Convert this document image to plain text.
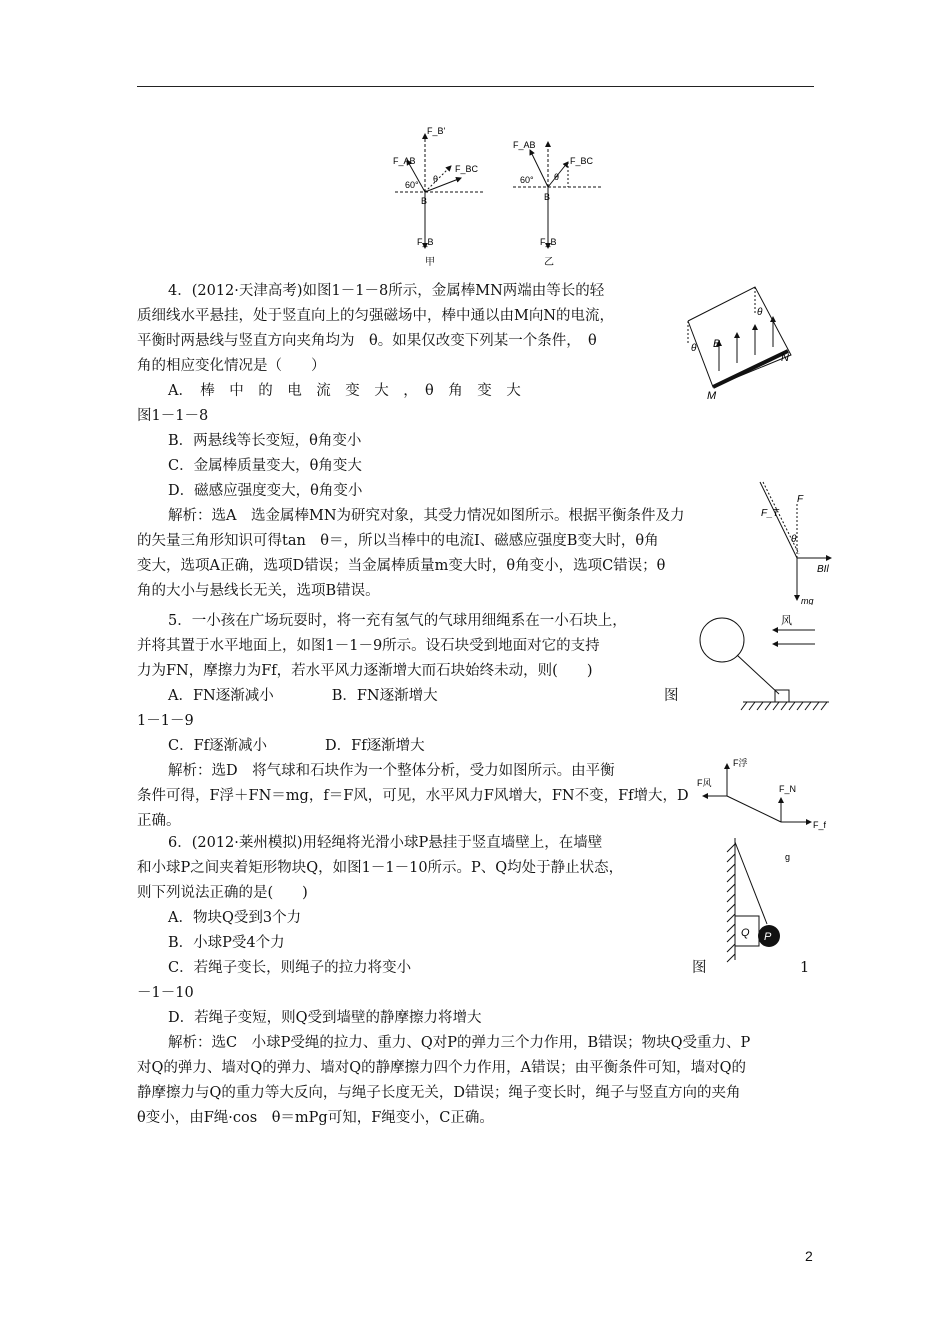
F_B'
F_AB
F_BC
60°
θ
B
F_B
甲
F_AB
F_BC
60° θ
B
F_B
乙
4．(2012·天津高考)如图1－1－8所示，金属棒MN两端由等长的轻
质细线水平悬挂，处于竖直向上的匀强磁场中，棒中通以由M向N的电流，
平衡时两悬线与竖直方向夹角均为　θ。如果仅改变下列某一个条件，　θ
角的相应变化情况是（　　）
A．　棒　中　的　电　流　变　大　，　θ　角　变　大
图1－1－8
B．两悬线等长变短，θ角变小
C．金属棒质量变大，θ角变大
D．磁感应强度变大，θ角变小
解析：选A　选金属棒MN为研究对象，其受力情况如图所示。根据平衡条件及力
的矢量三角形知识可得tan　θ＝，所以当棒中的电流I、磁感应强度B变大时，θ角
变大，选项A正确，选项D错误；当金属棒质量m变大时，θ角变小，选项C错误；θ
角的大小与悬线长无关，选项B错误。
θ
θ
B
N
M
F
F_T
θ
BIl
mg
5．一小孩在广场玩耍时，将一充有氢气的气球用细绳系在一小石块上，
并将其置于水平地面上，如图1－1－9所示。设石块受到地面对它的支持
力为FN，摩擦力为Ff，若水平风力逐渐增大而石块始终未动，则(　　)
A．FN逐渐减小　　　　B．FN逐渐增大	图
1－1－9
C．Ff逐渐减小　　　　D．Ff逐渐增大
解析：选D　将气球和石块作为一个整体分析，受力如图所示。由平衡
条件可得，F浮＋FN＝mg，f＝F风，可见，水平风力F风增大，FN不变，Ff增大，D
正确。
风
F浮
F风
F_N
F_f
g
6．(2012·莱州模拟)用轻绳将光滑小球P悬挂于竖直墙壁上，在墙壁
和小球P之间夹着矩形物块Q，如图1－1－10所示。P、Q均处于静止状态，
则下列说法正确的是(　　)
A．物块Q受到3个力
B．小球P受4个力
C．若绳子变长，则绳子的拉力将变小	图	1
－1－10
D．若绳子变短，则Q受到墙壁的静摩擦力将增大
解析：选C　小球P受绳的拉力、重力、Q对P的弹力三个力作用，B错误；物块Q受重力、P
对Q的弹力、墙对Q的弹力、墙对Q的静摩擦力四个力作用，A错误；由平衡条件可知，墙对Q的
静摩擦力与Q的重力等大反向，与绳子长度无关，D错误；绳子变长时，绳子与竖直方向的夹角
θ变小，由F绳·cos　θ＝mPg可知，F绳变小，C正确。
Q P
2
